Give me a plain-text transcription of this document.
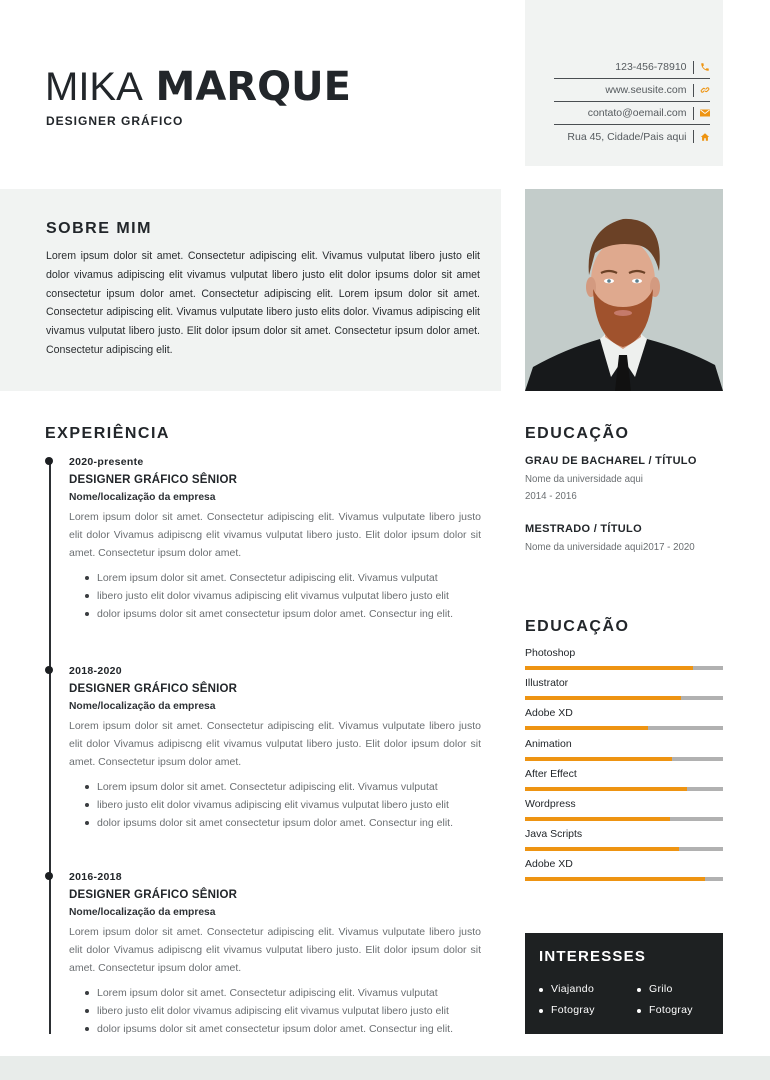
MIKA MARQUE
DESIGNER GRÁFICO
123-456-78910
www.seusite.com
contato@oemail.com
Rua 45, Cidade/Pais aqui
SOBRE MIM
Lorem ipsum dolor sit amet. Consectetur adipiscing elit. Vivamus vulputat libero justo elit dolor vivamus adipiscing elit vivamus vulputat libero justo elit dolor ipsums dolor sit amet consectetur ipsum dolor amet. Consectetur adipiscing elit. Lorem ipsum dolor sit amet. Consectetur adipiscing elit. Vivamus vulputate libero justo elits dolor. Vivamus adipiscing elit vivamus vulputat libero justo. Elit dolor ipsum dolor sit amet. Consectetur ipsum dolor amet. Consectetur adipiscing elit.
EXPERIÊNCIA
2020-presente
DESIGNER GRÁFICO SÊNIOR
Nome/localização da empresa
Lorem ipsum dolor sit amet. Consectetur adipiscing elit. Vivamus vulputate libero justo elit dolor Vivamus adipiscng elit vivamus vulputat libero justo. Elit dolor ipsum dolor sit amet. Consectetur ipsum dolor amet.
Lorem ipsum dolor sit amet. Consectetur adipiscing elit. Vivamus vulputat
libero justo elit dolor vivamus adipiscing elit vivamus vulputat libero justo elit
dolor ipsums dolor sit amet consectetur ipsum dolor amet. Consectur ing elit.
2018-2020
DESIGNER GRÁFICO SÊNIOR
Nome/localização da empresa
Lorem ipsum dolor sit amet. Consectetur adipiscing elit. Vivamus vulputate libero justo elit dolor Vivamus adipiscng elit vivamus vulputat libero justo. Elit dolor ipsum dolor sit amet. Consectetur ipsum dolor amet.
Lorem ipsum dolor sit amet. Consectetur adipiscing elit. Vivamus vulputat
libero justo elit dolor vivamus adipiscing elit vivamus vulputat libero justo elit
dolor ipsums dolor sit amet consectetur ipsum dolor amet. Consectur ing elit.
2016-2018
DESIGNER GRÁFICO SÊNIOR
Nome/localização da empresa
Lorem ipsum dolor sit amet. Consectetur adipiscing elit. Vivamus vulputate libero justo elit dolor Vivamus adipiscng elit vivamus vulputat libero justo. Elit dolor ipsum dolor sit amet. Consectetur ipsum dolor amet.
Lorem ipsum dolor sit amet. Consectetur adipiscing elit. Vivamus vulputat
libero justo elit dolor vivamus adipiscing elit vivamus vulputat libero justo elit
dolor ipsums dolor sit amet consectetur ipsum dolor amet. Consectur ing elit.
EDUCAÇÃO
GRAU DE BACHAREL / TÍTULO
Nome da universidade aqui
2014 - 2016
MESTRADO / TÍTULO
Nome da universidade aqui2017 - 2020
EDUCAÇÃO
Photoshop
Illustrator
Adobe XD
Animation
After Effect
Wordpress
Java Scripts
Adobe XD
INTERESSES
Viajando	Grilo
Fotogray	Fotogray
